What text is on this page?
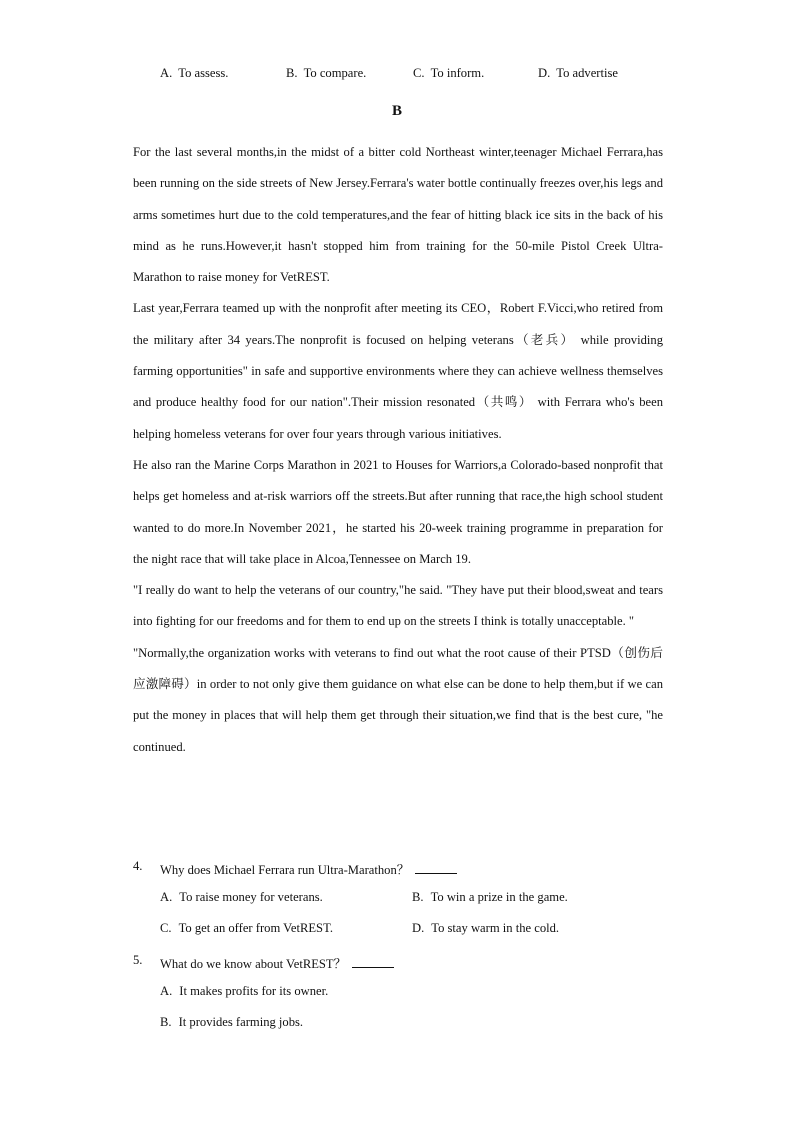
A. To assess.	B. To compare.	C. To inform.	D. To advertise
B

For the last several months,in the midst of a bitter cold Northeast winter,teenager Michael Ferrara,has been running on the side streets of New Jersey.Ferrara's water bottle continually freezes over,his legs and arms sometimes hurt due to the cold temperatures,and the fear of hitting black ice sits in the back of his mind as he runs.However,it hasn't stopped him from training for the 50-mile Pistol Creek Ultra-Marathon to raise money for VetREST.

Last year,Ferrara teamed up with the nonprofit after meeting its CEO，Robert F.Vicci,who retired from the military after 34 years.The nonprofit is focused on helping veterans（老兵） while providing farming opportunities" in safe and supportive environments where they can achieve wellness themselves and produce healthy food for our nation".Their mission resonated（共鸣） with Ferrara who's been helping homeless veterans for over four years through various initiatives.

He also ran the Marine Corps Marathon in 2021 to Houses for Warriors,a Colorado-based nonprofit that helps get homeless and at-risk warriors off the streets.But after running that race,the high school student wanted to do more.In November 2021，he started his 20-week training programme in preparation for the night race that will take place in Alcoa,Tennessee on March 19.

"I really do want to help the veterans of our country,"he said. "They have put their blood,sweat and tears into fighting for our freedoms and for them to end up on the streets I think is totally unacceptable. "

"Normally,the organization works with veterans to find out what the root cause of their PTSD（创伤后应激障碍）in order to not only give them guidance on what else can be done to help them,but if we can put the money in places that will help them get through their situation,we find that is the best cure, "he continued.

4. Why does Michael Ferrara run Ultra-Marathon？
A. To raise money for veterans.	B. To win a prize in the game.
C. To get an offer from VetREST.	D. To stay warm in the cold.
5. What do we know about VetREST？
A. It makes profits for its owner.
B. It provides farming jobs.
